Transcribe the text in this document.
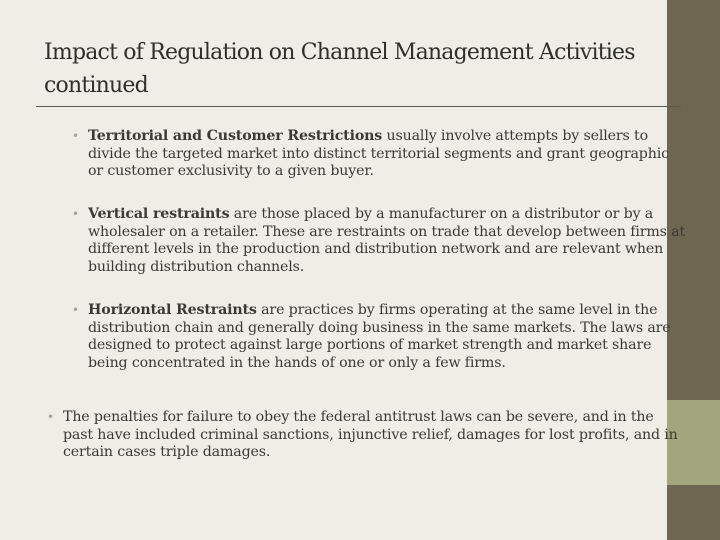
Impact of Regulation on Channel Management Activities continued

• Territorial and Customer Restrictions usually involve attempts by sellers to divide the targeted market into distinct territorial segments and grant geographic or customer exclusivity to a given buyer.

• Vertical restraints are those placed by a manufacturer on a distributor or by a wholesaler on a retailer. These are restraints on trade that develop between firms at different levels in the production and distribution network and are relevant when building distribution channels.

• Horizontal Restraints are practices by firms operating at the same level in the distribution chain and generally doing business in the same markets. The laws are designed to protect against large portions of market strength and market share being concentrated in the hands of one or only a few firms.

• The penalties for failure to obey the federal antitrust laws can be severe, and in the past have included criminal sanctions, injunctive relief, damages for lost profits, and in certain cases triple damages.
